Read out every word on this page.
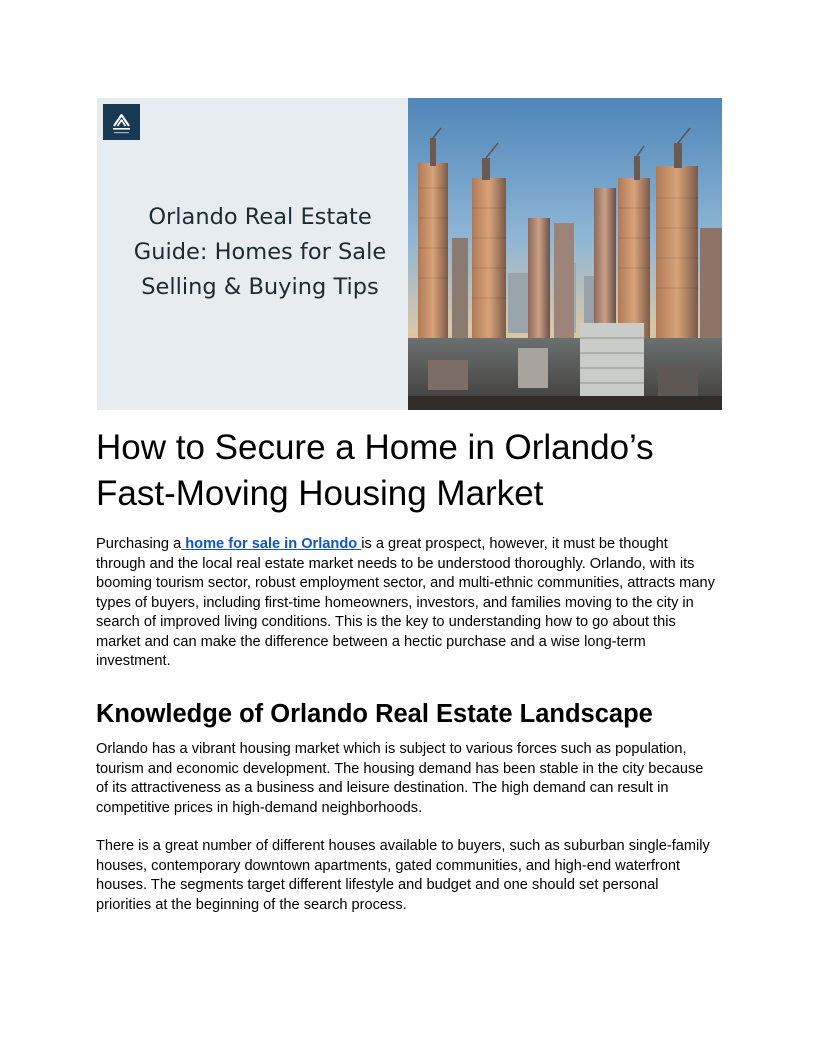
Orlando Real Estate
Guide: Homes for Sale
Selling & Buying Tips
How to Secure a Home in Orlando’s
Fast-Moving Housing Market

Purchasing a home for sale in Orlando is a great prospect, however, it must be thought
through and the local real estate market needs to be understood thoroughly. Orlando, with its
booming tourism sector, robust employment sector, and multi-ethnic communities, attracts many
types of buyers, including first-time homeowners, investors, and families moving to the city in
search of improved living conditions. This is the key to understanding how to go about this
market and can make the difference between a hectic purchase and a wise long-term
investment.

Knowledge of Orlando Real Estate Landscape

Orlando has a vibrant housing market which is subject to various forces such as population,
tourism and economic development. The housing demand has been stable in the city because
of its attractiveness as a business and leisure destination. The high demand can result in
competitive prices in high-demand neighborhoods.

There is a great number of different houses available to buyers, such as suburban single-family
houses, contemporary downtown apartments, gated communities, and high-end waterfront
houses. The segments target different lifestyle and budget and one should set personal
priorities at the beginning of the search process.
